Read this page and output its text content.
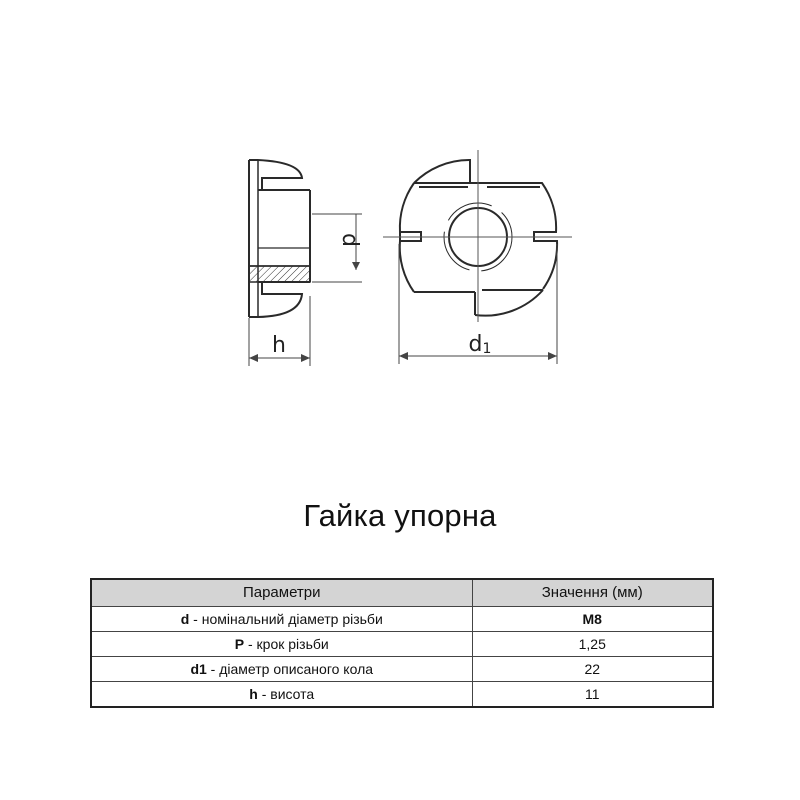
d
h	d1
Гайка упорна
Параметри	Значення (мм)
d - номінальний діаметр різьби	M8
P - крок різьби	1,25
d1 - діаметр описаного кола	22
h - висота	11
